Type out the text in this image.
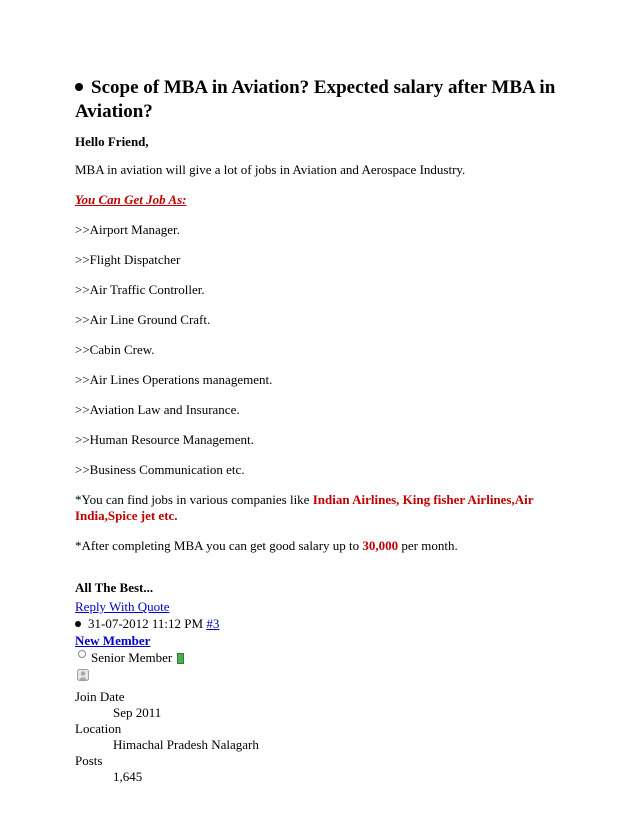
Scope of MBA in Aviation? Expected salary after MBA in Aviation?

Hello Friend,

MBA in aviation will give a lot of jobs in Aviation and Aerospace Industry.

You Can Get Job As:

>>Airport Manager.

>>Flight Dispatcher

>>Air Traffic Controller.

>>Air Line Ground Craft.

>>Cabin Crew.

>>Air Lines Operations management.

>>Aviation Law and Insurance.

>>Human Resource Management.

>>Business Communication etc.

*You can find jobs in various companies like Indian Airlines, King fisher Airlines,Air India,Spice jet etc.

*After completing MBA you can get good salary up to 30,000 per month.

All The Best...

Reply With Quote
31-07-2012 11:12 PM #3
New Member
Senior Member
Join Date
Sep 2011
Location
Himachal Pradesh Nalagarh
Posts
1,645
